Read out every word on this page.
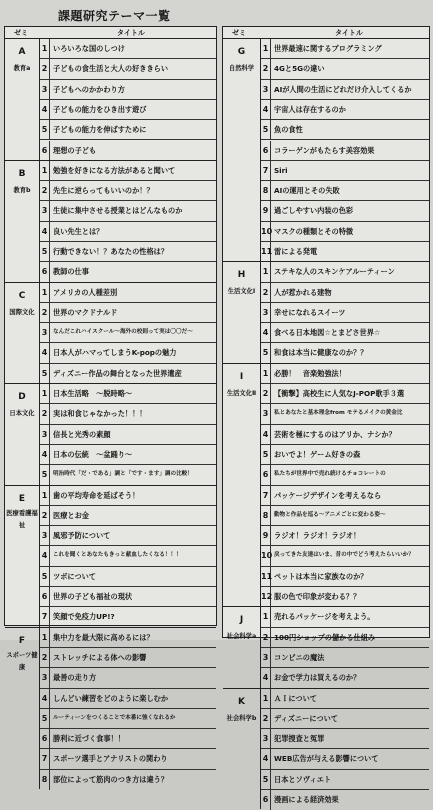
課題研究テーマ一覧
ゼミ	タイトル
A
教育a
1 いろいろな国のしつけ
2 子どもの食生活と大人の好ききらい
3 子どもへのかかわり方
4 子どもの能力をひき出す遊び
5 子どもの能力を伸ばすために
6 理想の子ども
B
教育b
1 勉強を好きになる方法があると聞いて
2 先生に逆らってもいいのか！？
3 生徒に集中させる授業とはどんなものか
4 良い先生とは？
5 行動できない！？あなたの性格は？
6 教師の仕事
C
国際文化
1 アメリカの人種差別
2 世界のマクドナルド
3	なんだこれハイスクール〜海外の校則って実は〇〇だ〜
4 日本人がハマってしまうK-popの魅力
5 ディズニー作品の舞台となった世界遺産
D
日本文化
1 日本生活略　〜脱時略〜
2 実は和食じゃなかった！！！
3 信長と光秀の素顔
4 日本の伝統　〜盆踊り〜
5	明治時代「だ・である」調と「です・ます」調の比較！
E
医療看護福祉
1 歯の平均寿命を延ばそう！
2 医療とお金
3 風邪予防について
4	これを聞くとあなたもきっと献血したくなる！！！
5 ツボについて
6 世界の子ども福祉の現状
7 笑顔で免疫力UP!?
F
スポーツ健康
1 集中力を最大限に高めるには？
2 ストレッチによる体への影響
3 最善の走り方
4 しんどい練習をどのように楽しむか
5	ルーティーンをつくることで本番に強くなれるか
6 勝利に近づく食事！！
7 スポーツ選手とアナリストの関わり
8 部位によって筋肉のつき方は違う？
ゼミ	タイトル
G
自然科学
1 世界最速に関するプログラミング
2 4Gと5Gの違い
3 AIが人間の生活にどれだけ介入してくるか
4 宇宙人は存在するのか
5 魚の食性
6 コラーゲンがもたらす美容効果
7 Siri
8 AIの運用とその失敗
9 過ごしやすい内装の色彩
10 マスクの種類とその特徴
11 雷による発電
H
生活文化Ⅰ
1 ステキな人のスキンケアルーティーン
2 人が惹かれる建物
3 幸せになれるスイーツ
4 食べる日本地図☆とまどさ世界☆
5 和食は本当に健康なのか？？
I
生活文化Ⅱ
1 必勝！　音楽勉強法！
2 【衝撃】高校生に人気なJ-POP歌手３選
3	私とあなたと基本理念from モテるメイクの黄金比
4 芸術を極にするのはアリか、ナシか？
5 おいでよ！ゲーム好きの森
6	私たちが世界中で売れ続けるチョコレートの
7 パッケージデザインを考えるなら
8	動物と作品を巡る〜アニメごとに変わる姿〜
9 ラジオ！ラジオ！ラジオ！
10 戻ってきた友達はいま、昔の中でどう考えたらいいか？
11 ペットは本当に家族なのか？
12 服の色で印象が変わる？？
J
社会科学a
1 売れるパッケージを考えよう。
2 100円ショップの儲かる仕組み
3 コンビニの魔法
4 お金で学力は買えるのか？
K
社会科学b
1 ＡＩについて
2 ディズニーについて
3 犯罪捜査と冤罪
4 WEB広告が与える影響について
5 日本とソヴィエト
6 漫画による経済効果
